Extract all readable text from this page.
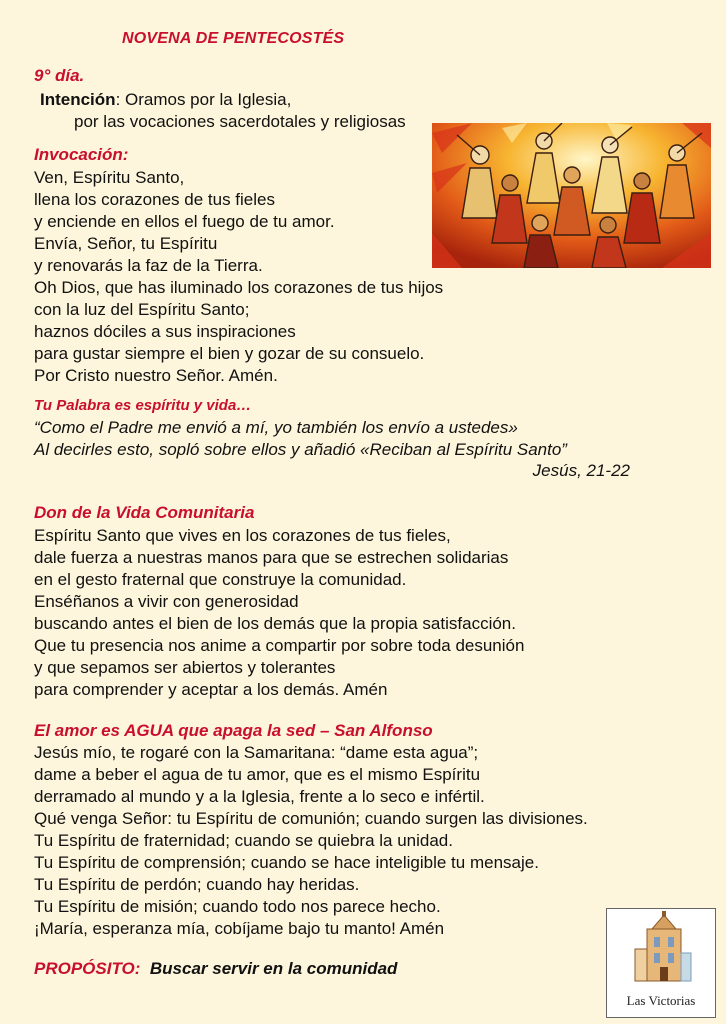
NOVENA DE PENTECOSTÉS
9° día.
Intención: Oramos por la Iglesia,
por las vocaciones sacerdotales y religiosas
Invocación:
Ven, Espíritu Santo,
llena los corazones de tus fieles
y enciende en ellos el fuego de tu amor.
Envía, Señor, tu Espíritu
y renovarás la faz de la Tierra.
Oh Dios, que has iluminado los corazones de tus hijos
con la luz del Espíritu Santo;
haznos dóciles a sus inspiraciones
para gustar siempre el bien y gozar de su consuelo.
Por Cristo nuestro Señor. Amén.
Tu Palabra es espíritu y vida…
“Como el Padre me envió a mí, yo también los envío a ustedes»
Al decirles esto, sopló sobre ellos y añadió «Reciban al Espíritu Santo”
Jesús, 21-22
Don de la Vida Comunitaria
Espíritu Santo que vives en los corazones de tus fieles,
dale fuerza a nuestras manos para que se estrechen solidarias
en el gesto fraternal que construye la comunidad.
Enséñanos a vivir con generosidad
buscando antes el bien de los demás que la propia satisfacción.
Que tu presencia nos anime a compartir por sobre toda desunión
y que sepamos ser abiertos y tolerantes
para comprender y aceptar a los demás. Amén
El amor es AGUA que apaga la sed – San Alfonso
Jesús mío, te rogaré con la Samaritana: “dame esta agua”;
dame a beber el agua de tu amor, que es el mismo Espíritu
derramado al mundo y a la Iglesia, frente a lo seco e infértil.
Qué venga Señor: tu Espíritu de comunión; cuando surgen las divisiones.
Tu Espíritu de fraternidad; cuando se quiebra la unidad.
Tu Espíritu de comprensión; cuando se hace inteligible tu mensaje.
Tu Espíritu de perdón; cuando hay heridas.
Tu Espíritu de misión; cuando todo nos parece hecho.
¡María, esperanza mía, cobíjame bajo tu manto! Amén
PROPÓSITO: Buscar servir en la comunidad
Las Victorias
